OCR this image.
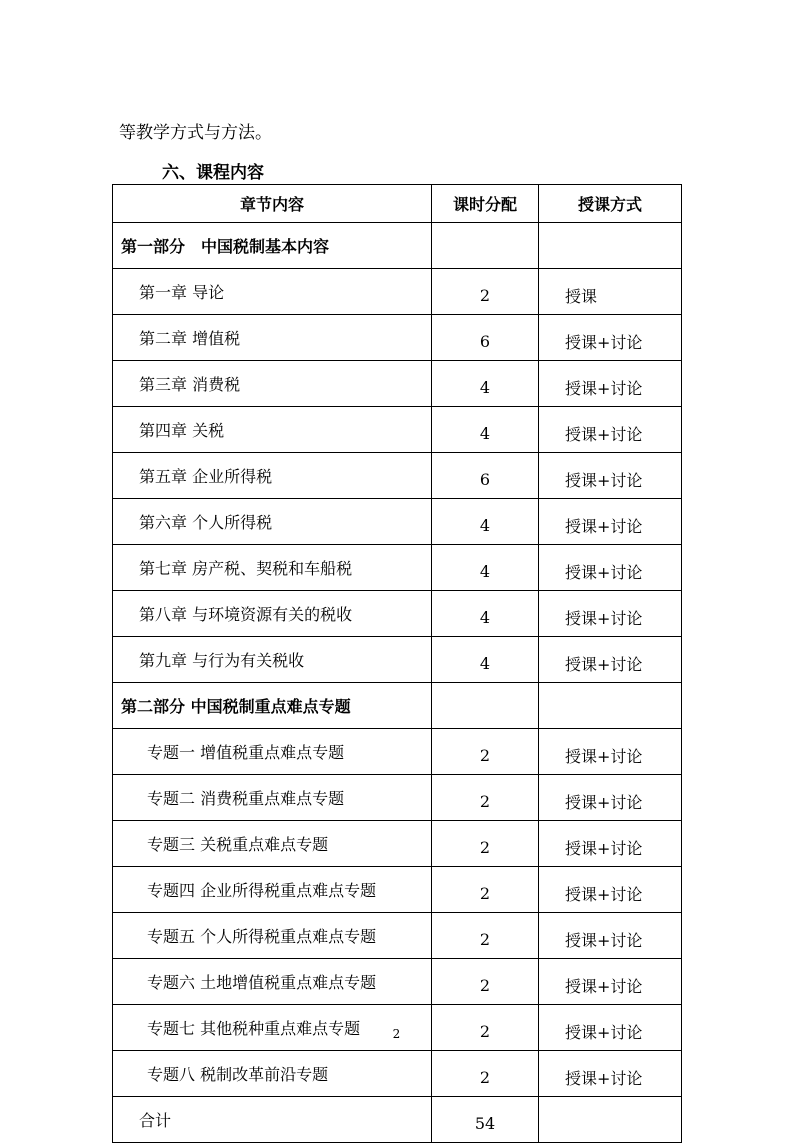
等教学方式与方法。
六、课程内容
章节内容	课时分配	授课方式
第一部分　中国税制基本内容		
第一章 导论	2	授课
第二章 增值税	6	授课+讨论
第三章 消费税	4	授课+讨论
第四章 关税	4	授课+讨论
第五章 企业所得税	6	授课+讨论
第六章 个人所得税	4	授课+讨论
第七章 房产税、契税和车船税	4	授课+讨论
第八章 与环境资源有关的税收	4	授课+讨论
第九章 与行为有关税收	4	授课+讨论
第二部分 中国税制重点难点专题		
专题一 增值税重点难点专题	2	授课+讨论
专题二 消费税重点难点专题	2	授课+讨论
专题三 关税重点难点专题	2	授课+讨论
专题四 企业所得税重点难点专题	2	授课+讨论
专题五 个人所得税重点难点专题	2	授课+讨论
专题六 土地增值税重点难点专题	2	授课+讨论
专题七 其他税种重点难点专题	2	授课+讨论
专题八 税制改革前沿专题	2	授课+讨论
合计	54	
2
